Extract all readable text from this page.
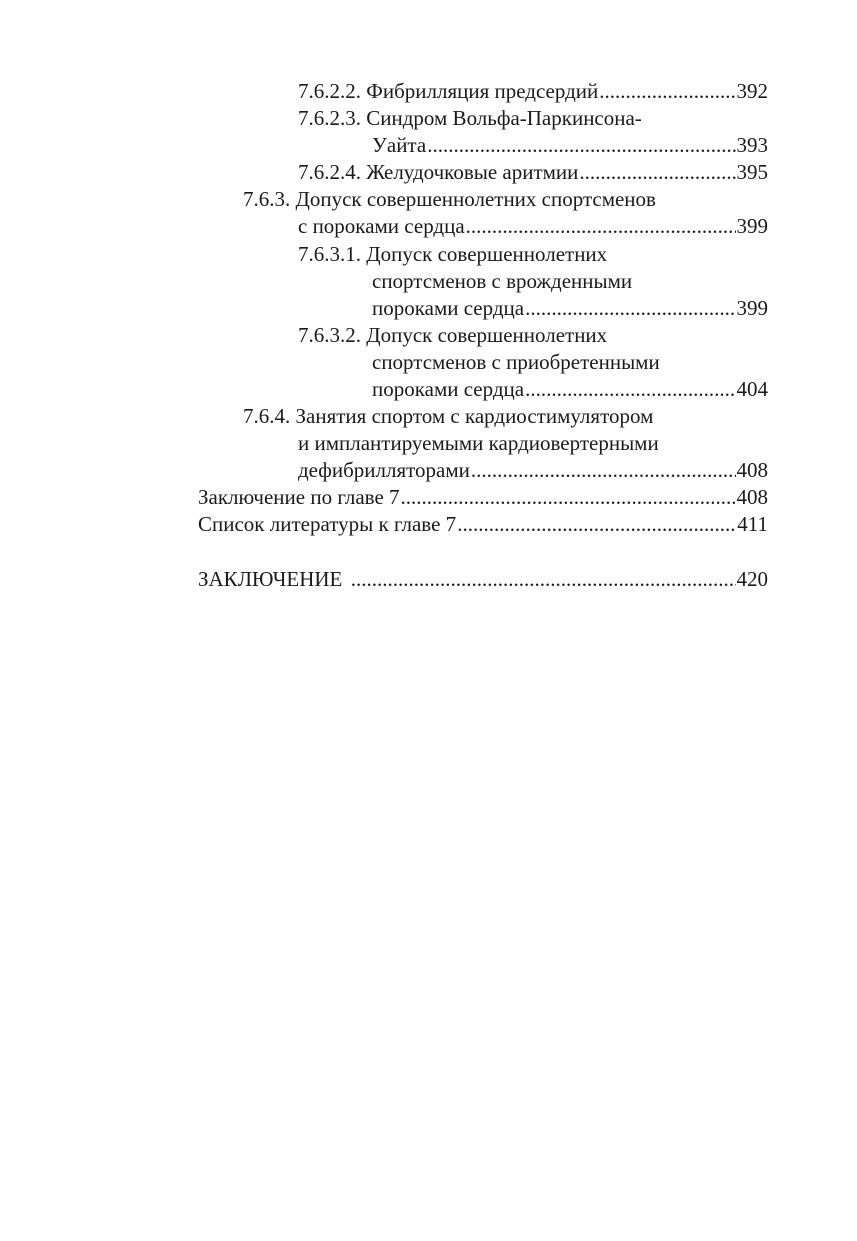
7.6.2.2. Фибрилляция предсердий .....	392
7.6.2.3. Синдром Вольфа-Паркинсона-
Уайта .....	393
7.6.2.4. Желудочковые аритмии .....	395
7.6.3. Допуск совершеннолетних спортсменов
с пороками сердца .....	399
7.6.3.1. Допуск совершеннолетних
спортсменов с врожденными
пороками сердца .....	399
7.6.3.2. Допуск совершеннолетних
спортсменов с приобретенными
пороками сердца .....	404
7.6.4. Занятия спортом с кардиостимулятором
и имплантируемыми кардиовертерными
дефибрилляторами .....	408
Заключение по главе 7 .....	408
Список литературы к главе 7 .....	411
ЗАКЛЮЧЕНИЕ .....	420
